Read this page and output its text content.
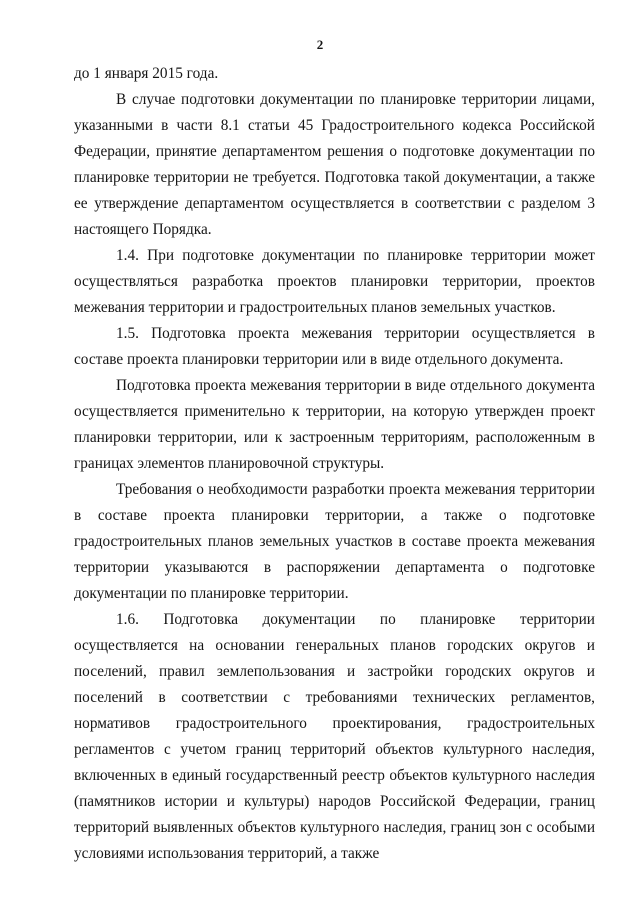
2

до 1 января 2015 года.

В случае подготовки документации по планировке территории лицами, указанными в части 8.1 статьи 45 Градостроительного кодекса Российской Федерации, принятие департаментом решения о подготовке документации по планировке территории не требуется. Подготовка такой документации, а также ее утверждение департаментом осуществляется в соответствии с разделом 3 настоящего Порядка.

1.4. При подготовке документации по планировке территории может осуществляться разработка проектов планировки территории, проектов межевания территории и градостроительных планов земельных участков.

1.5. Подготовка проекта межевания территории осуществляется в составе проекта планировки территории или в виде отдельного документа.

Подготовка проекта межевания территории в виде отдельного документа осуществляется применительно к территории, на которую утвержден проект планировки территории, или к застроенным территориям, расположенным в границах элементов планировочной структуры.

Требования о необходимости разработки проекта межевания территории в составе проекта планировки территории, а также о подготовке градостроительных планов земельных участков в составе проекта межевания территории указываются в распоряжении департамента о подготовке документации по планировке территории.

1.6. Подготовка документации по планировке территории осуществляется на основании генеральных планов городских округов и поселений, правил землепользования и застройки городских округов и поселений в соответствии с требованиями технических регламентов, нормативов градостроительного проектирования, градостроительных регламентов с учетом границ территорий объектов культурного наследия, включенных в единый государственный реестр объектов культурного наследия (памятников истории и культуры) народов Российской Федерации, границ территорий выявленных объектов культурного наследия, границ зон с особыми условиями использования территорий, а также
